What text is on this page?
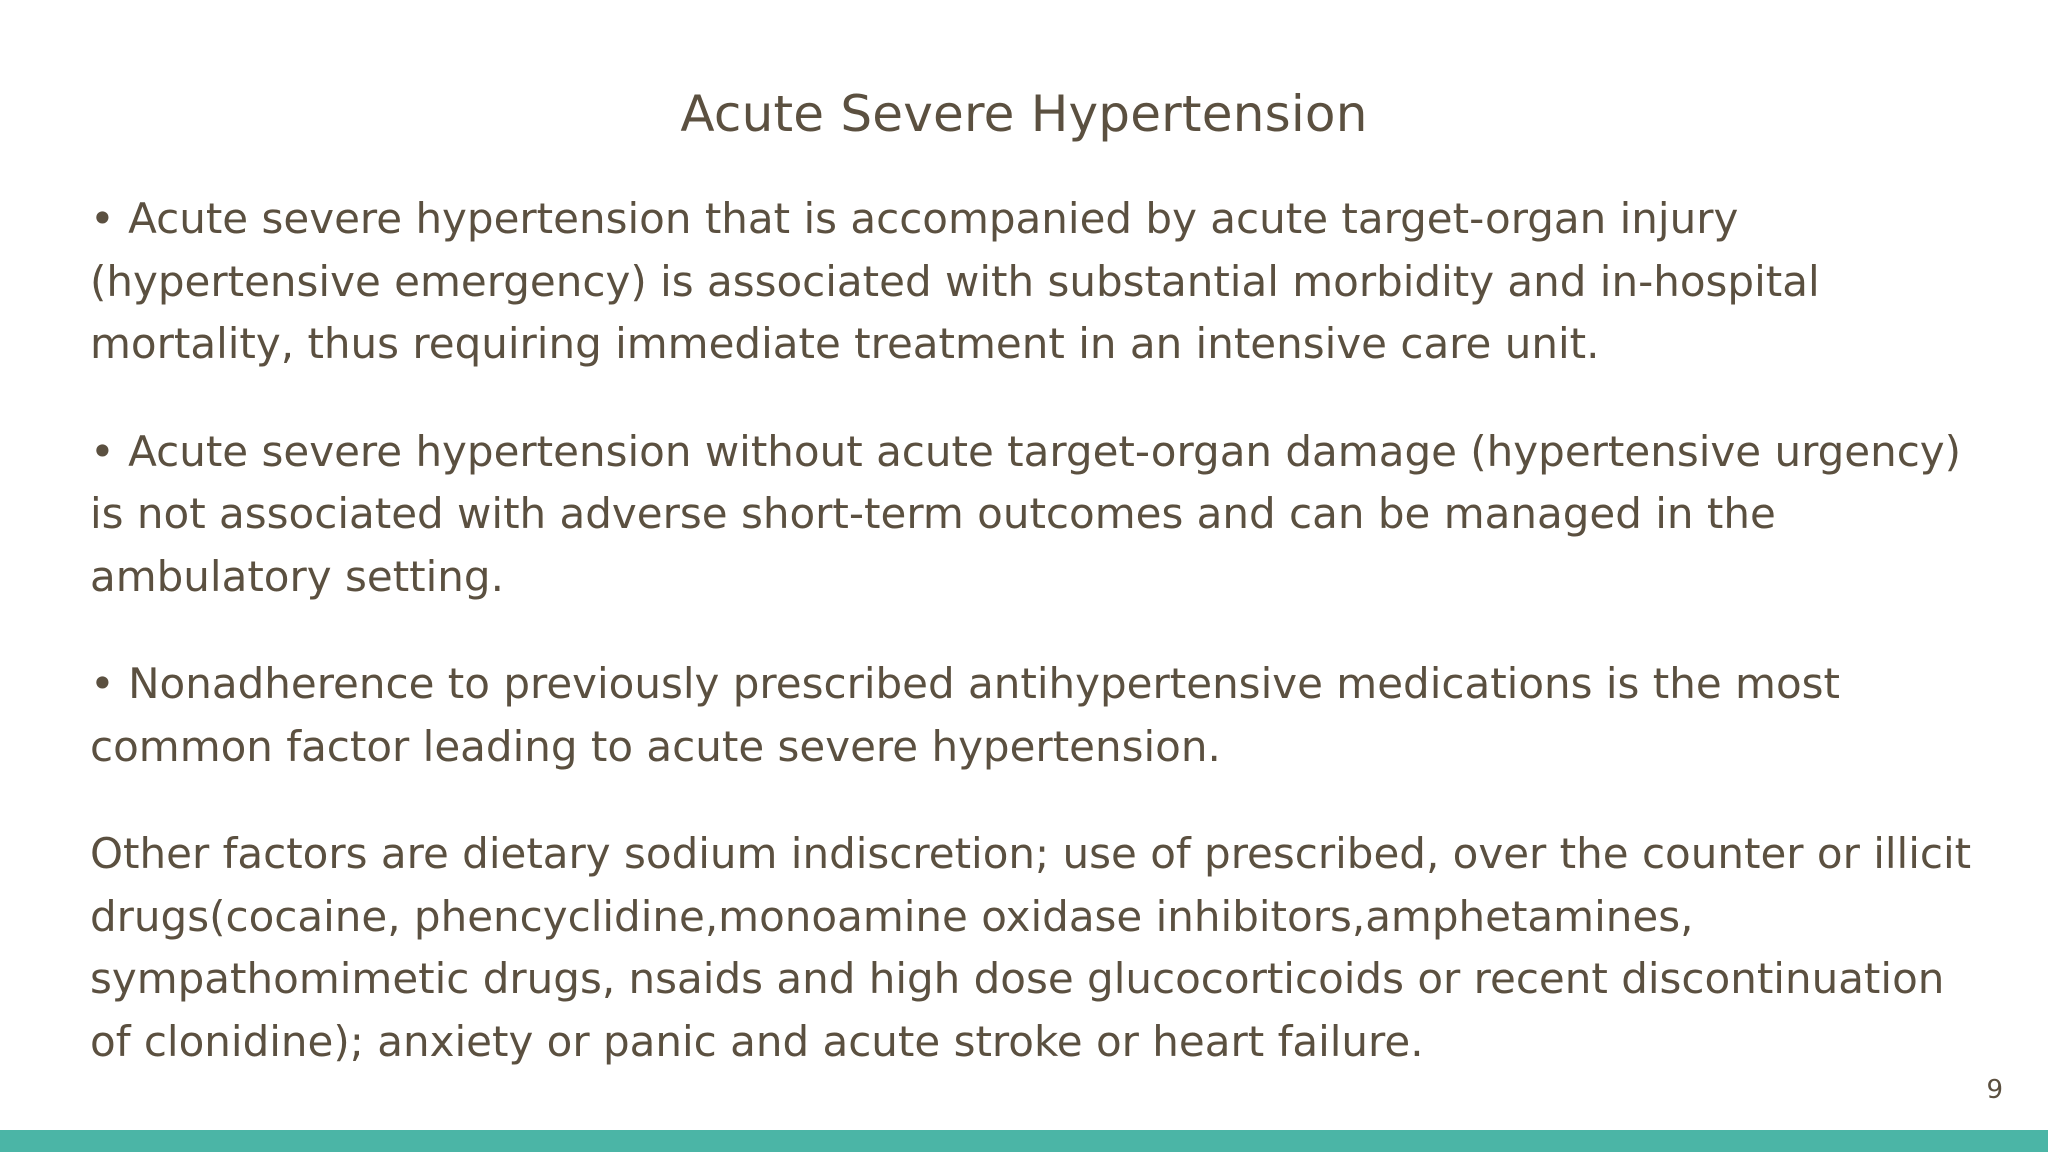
Acute Severe Hypertension

• Acute severe hypertension that is accompanied by acute target-organ injury (hypertensive emergency) is associated with substantial morbidity and in-hospital mortality, thus requiring immediate treatment in an intensive care unit.

• Acute severe hypertension without acute target-organ damage (hypertensive urgency) is not associated with adverse short-term outcomes and can be managed in the ambulatory setting.

• Nonadherence to previously prescribed antihypertensive medications is the most common factor leading to acute severe hypertension.

Other factors are dietary sodium indiscretion; use of prescribed, over the counter or illicit drugs(cocaine, phencyclidine,monoamine oxidase inhibitors,amphetamines, sympathomimetic drugs, nsaids and high dose glucocorticoids or recent discontinuation of clonidine); anxiety or panic and acute stroke or heart failure.

9
